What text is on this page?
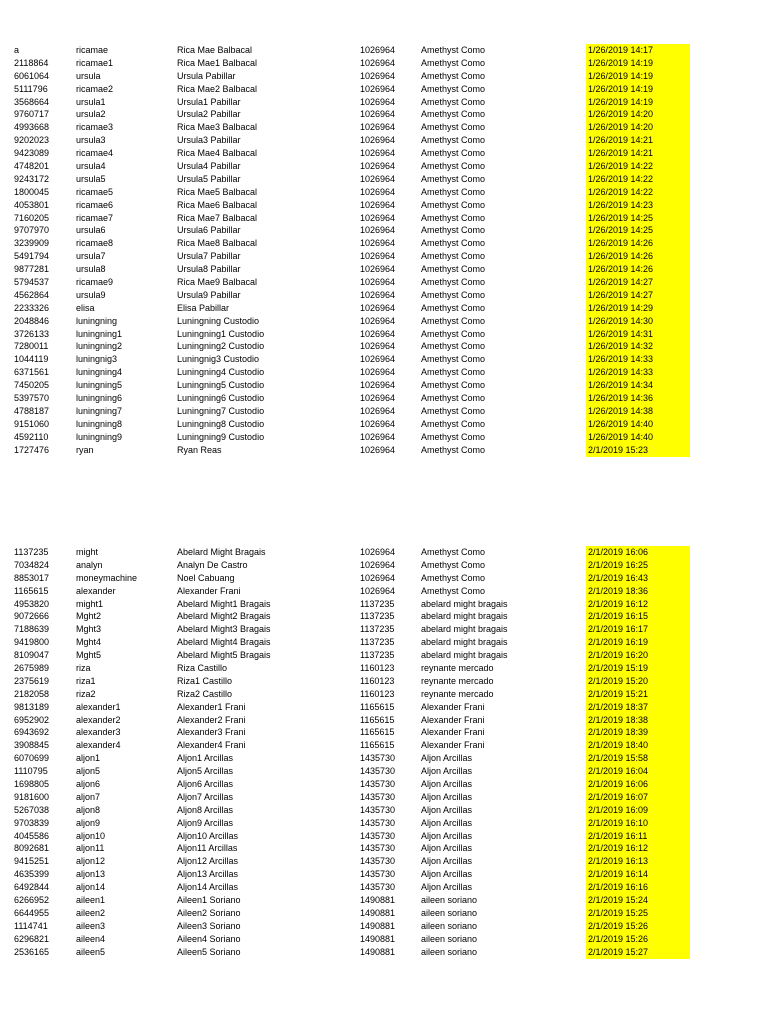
a	ricamae	Rica Mae Balbacal	1026964	Amethyst Como	1/26/2019 14:17
2118864	ricamae1	Rica Mae1 Balbacal	1026964	Amethyst Como	1/26/2019 14:19
6061064	ursula	Ursula Pabillar	1026964	Amethyst Como	1/26/2019 14:19
5111796	ricamae2	Rica Mae2 Balbacal	1026964	Amethyst Como	1/26/2019 14:19
3568664	ursula1	Ursula1 Pabillar	1026964	Amethyst Como	1/26/2019 14:19
9760717	ursula2	Ursula2 Pabillar	1026964	Amethyst Como	1/26/2019 14:20
4993668	ricamae3	Rica Mae3 Balbacal	1026964	Amethyst Como	1/26/2019 14:20
9202023	ursula3	Ursula3 Pabillar	1026964	Amethyst Como	1/26/2019 14:21
9423089	ricamae4	Rica Mae4 Balbacal	1026964	Amethyst Como	1/26/2019 14:21
4748201	ursula4	Ursula4 Pabillar	1026964	Amethyst Como	1/26/2019 14:22
9243172	ursula5	Ursula5 Pabillar	1026964	Amethyst Como	1/26/2019 14:22
1800045	ricamae5	Rica Mae5 Balbacal	1026964	Amethyst Como	1/26/2019 14:22
4053801	ricamae6	Rica Mae6 Balbacal	1026964	Amethyst Como	1/26/2019 14:23
7160205	ricamae7	Rica Mae7 Balbacal	1026964	Amethyst Como	1/26/2019 14:25
9707970	ursula6	Ursula6 Pabillar	1026964	Amethyst Como	1/26/2019 14:25
3239909	ricamae8	Rica Mae8 Balbacal	1026964	Amethyst Como	1/26/2019 14:26
5491794	ursula7	Ursula7 Pabillar	1026964	Amethyst Como	1/26/2019 14:26
9877281	ursula8	Ursula8 Pabillar	1026964	Amethyst Como	1/26/2019 14:26
5794537	ricamae9	Rica Mae9 Balbacal	1026964	Amethyst Como	1/26/2019 14:27
4562864	ursula9	Ursula9 Pabillar	1026964	Amethyst Como	1/26/2019 14:27
2233326	elisa	Elisa Pabillar	1026964	Amethyst Como	1/26/2019 14:29
2048846	luningning	Luningning Custodio	1026964	Amethyst Como	1/26/2019 14:30
3726133	luningning1	Luningning1 Custodio	1026964	Amethyst Como	1/26/2019 14:31
7280011	luningning2	Luningning2 Custodio	1026964	Amethyst Como	1/26/2019 14:32
1044119	luningnig3	Luningnig3 Custodio	1026964	Amethyst Como	1/26/2019 14:33
6371561	luningning4	Luningning4 Custodio	1026964	Amethyst Como	1/26/2019 14:33
7450205	luningning5	Luningning5 Custodio	1026964	Amethyst Como	1/26/2019 14:34
5397570	luningning6	Luningning6 Custodio	1026964	Amethyst Como	1/26/2019 14:36
4788187	luningning7	Luningning7 Custodio	1026964	Amethyst Como	1/26/2019 14:38
9151060	luningning8	Luningning8 Custodio	1026964	Amethyst Como	1/26/2019 14:40
4592110	luningning9	Luningning9 Custodio	1026964	Amethyst Como	1/26/2019 14:40
1727476	ryan	Ryan Reas	1026964	Amethyst Como	2/1/2019 15:23
1137235	might	Abelard Might Bragais	1026964	Amethyst Como	2/1/2019 16:06
7034824	analyn	Analyn De Castro	1026964	Amethyst Como	2/1/2019 16:25
8853017	moneymachine	Noel Cabuang	1026964	Amethyst Como	2/1/2019 16:43
1165615	alexander	Alexander Frani	1026964	Amethyst Como	2/1/2019 18:36
4953820	might1	Abelard Might1 Bragais	1137235	abelard might bragais	2/1/2019 16:12
9072666	Mght2	Abelard Might2 Bragais	1137235	abelard might bragais	2/1/2019 16:15
7188639	Mght3	Abelard Might3 Bragais	1137235	abelard might bragais	2/1/2019 16:17
9419800	Mght4	Abelard Might4 Bragais	1137235	abelard might bragais	2/1/2019 16:19
8109047	Mght5	Abelard Might5 Bragais	1137235	abelard might bragais	2/1/2019 16:20
2675989	riza	Riza Castillo	1160123	reynante mercado	2/1/2019 15:19
2375619	riza1	Riza1 Castillo	1160123	reynante mercado	2/1/2019 15:20
2182058	riza2	Riza2 Castillo	1160123	reynante mercado	2/1/2019 15:21
9813189	alexander1	Alexander1 Frani	1165615	Alexander Frani	2/1/2019 18:37
6952902	alexander2	Alexander2 Frani	1165615	Alexander Frani	2/1/2019 18:38
6943692	alexander3	Alexander3 Frani	1165615	Alexander Frani	2/1/2019 18:39
3908845	alexander4	Alexander4 Frani	1165615	Alexander Frani	2/1/2019 18:40
6070699	aljon1	Aljon1 Arcillas	1435730	Aljon Arcillas	2/1/2019 15:58
1110795	aljon5	Aljon5 Arcillas	1435730	Aljon Arcillas	2/1/2019 16:04
1698805	aljon6	Aljon6 Arcillas	1435730	Aljon Arcillas	2/1/2019 16:06
9181600	aljon7	Aljon7 Arcillas	1435730	Aljon Arcillas	2/1/2019 16:07
5267038	aljon8	Aljon8 Arcillas	1435730	Aljon Arcillas	2/1/2019 16:09
9703839	aljon9	Aljon9 Arcillas	1435730	Aljon Arcillas	2/1/2019 16:10
4045586	aljon10	Aljon10 Arcillas	1435730	Aljon Arcillas	2/1/2019 16:11
8092681	aljon11	Aljon11 Arcillas	1435730	Aljon Arcillas	2/1/2019 16:12
9415251	aljon12	Aljon12 Arcillas	1435730	Aljon Arcillas	2/1/2019 16:13
4635399	aljon13	Aljon13 Arcillas	1435730	Aljon Arcillas	2/1/2019 16:14
6492844	aljon14	Aljon14 Arcillas	1435730	Aljon Arcillas	2/1/2019 16:16
6266952	aileen1	Aileen1 Soriano	1490881	aileen soriano	2/1/2019 15:24
6644955	aileen2	Aileen2 Soriano	1490881	aileen soriano	2/1/2019 15:25
1114741	aileen3	Aileen3 Soriano	1490881	aileen soriano	2/1/2019 15:26
6296821	aileen4	Aileen4 Soriano	1490881	aileen soriano	2/1/2019 15:26
2536165	aileen5	Aileen5 Soriano	1490881	aileen soriano	2/1/2019 15:27
